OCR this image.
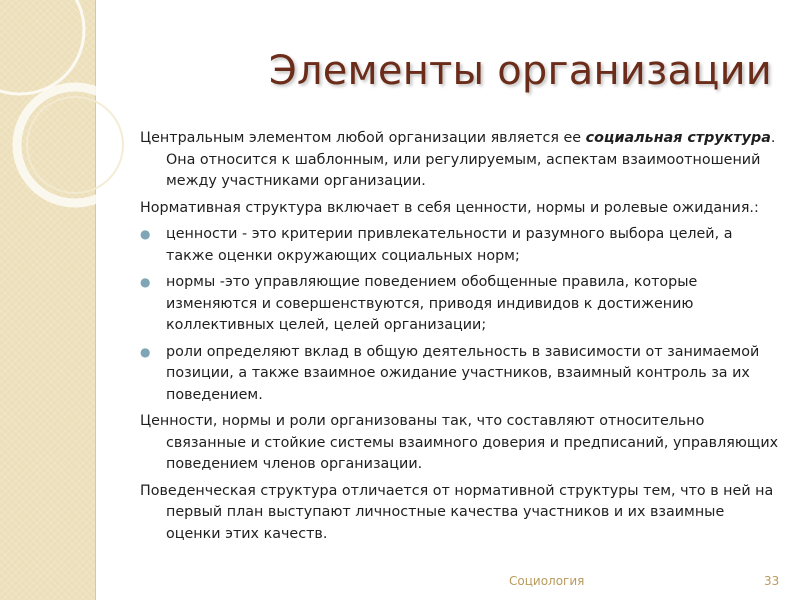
Элементы организации

Центральным элементом любой организации является ее социальная структура. Она относится к шаблонным, или регулируемым, аспектам взаимоотношений между участниками организации.

Нормативная структура включает в себя ценности, нормы и ролевые ожидания.:

●	ценности - это критерии привлекательности и разумного выбора целей, а также оценки окружающих социальных норм;
●	нормы -это управляющие поведением обобщенные правила, которые изменяются и совершенствуются, приводя индивидов к достижению коллективных целей, целей организации;
●	роли определяют вклад в общую деятельность в зависимости от занимаемой позиции, а также взаимное ожидание участников, взаимный контроль за их поведением.

Ценности, нормы и роли организованы так, что составляют относительно связанные и стойкие системы взаимного доверия и предписаний, управляющих поведением членов организации.

Поведенческая структура отличается от нормативной структуры тем, что в ней на первый план выступают личностные качества участников и их взаимные оценки этих качеств.

Социология	33
